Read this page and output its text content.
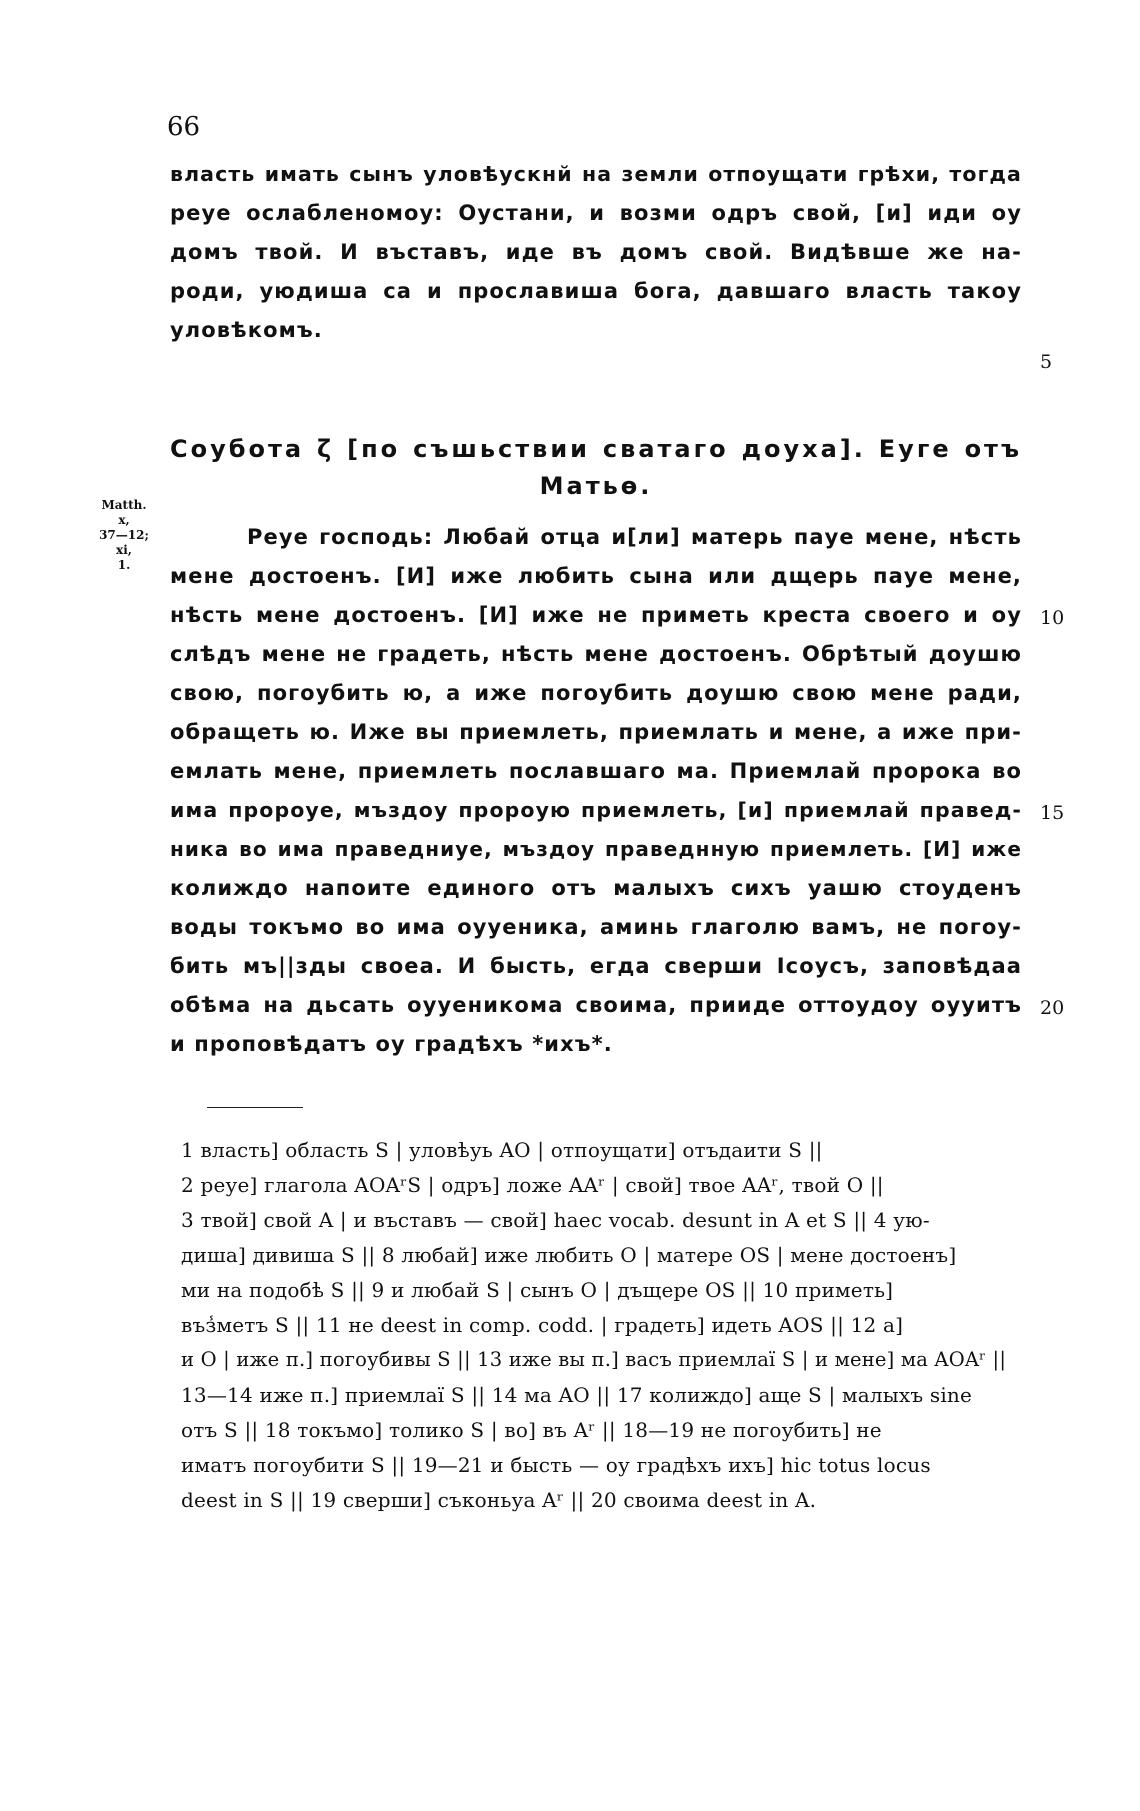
66
власть имать сынъ уловѣускнй на земли отпоущати грѣхи, тогда
реуе ослабленомоу: Оустани, и возми одръ свой, [и] иди оу
домъ твой. И въставъ, иде въ домъ свой. Видѣвше же на-
роди, уюдиша са и прославиша бога, давшаго власть такоу
уловѣкомъ.
Соубота ζ [по съшьствии сватаго доуха]. Еуге отъ
Матьѳ.
Matth.
x,
37—12;
xi,
1.
Реуе господь: Любай отца и[ли] матерь пауе мене, нѣсть
мене достоенъ. [И] иже любить сына или дщерь пауе мене,
нѣсть мене достоенъ. [И] иже не приметь креста своего и оу
слѣдъ мене не градеть, нѣсть мене достоенъ. Обрѣтый доушю
свою, погоубить ю, а иже погоубить доушю свою мене ради,
обращеть ю. Иже вы приемлеть, приемлать и мене, а иже при-
емлать мене, приемлеть пославшаго ма. Приемлай пророка во
има пророуе, мъздоу пророую приемлеть, [и] приемлай правед-
ника во има праведниуе, мъздоу праведнную приемлеть. [И] иже
колиждо напоите единого отъ малыхъ сихъ уашю стоуденъ
воды токъмо во има оууеника, аминь глаголю вамъ, не погоу-
бить мъ||зды своеа. И бысть, егда сверши Ісоусъ, заповѣдаа
обѣма на дьсать оууеникома своима, прииде оттоудоу оууитъ
и проповѣдатъ оу градѣхъ *ихъ*.
5
10
15
20
1 власть] область S | уловѣуь AO | отпоущати] отъдаити S ||
2 реуе] глагола AOAʳS | одръ] ложе AAʳ | свой] твое AAʳ, твой O ||
3 твой] свой A | и въставъ — свой] haec vocab. desunt in A et S || 4 ую-
диша] дивиша S || 8 любай] иже любить O | матере OS | мене достоенъ]
ми на подобѣ S || 9 и любай S | сынъ O | дъщере OS || 10 приметь]
въз̾метъ S || 11 не deest in comp. codd. | градеть] идеть AOS || 12 а]
и O | иже п.] погоубивы S || 13 иже вы п.] васъ приемлаї S | и мене] ма AOAʳ ||
13—14 иже п.] приемлаї S || 14 ма AO || 17 колиждо] аще S | малыхъ sine
отъ S || 18 токъмо] толико S | во] въ Aʳ || 18—19 не погоубить] не
иматъ погоубити S || 19—21 и бысть — оу градѣхъ ихъ] hic totus locus
deest in S || 19 сверши] съконьуа Aʳ || 20 своима deest in A.
